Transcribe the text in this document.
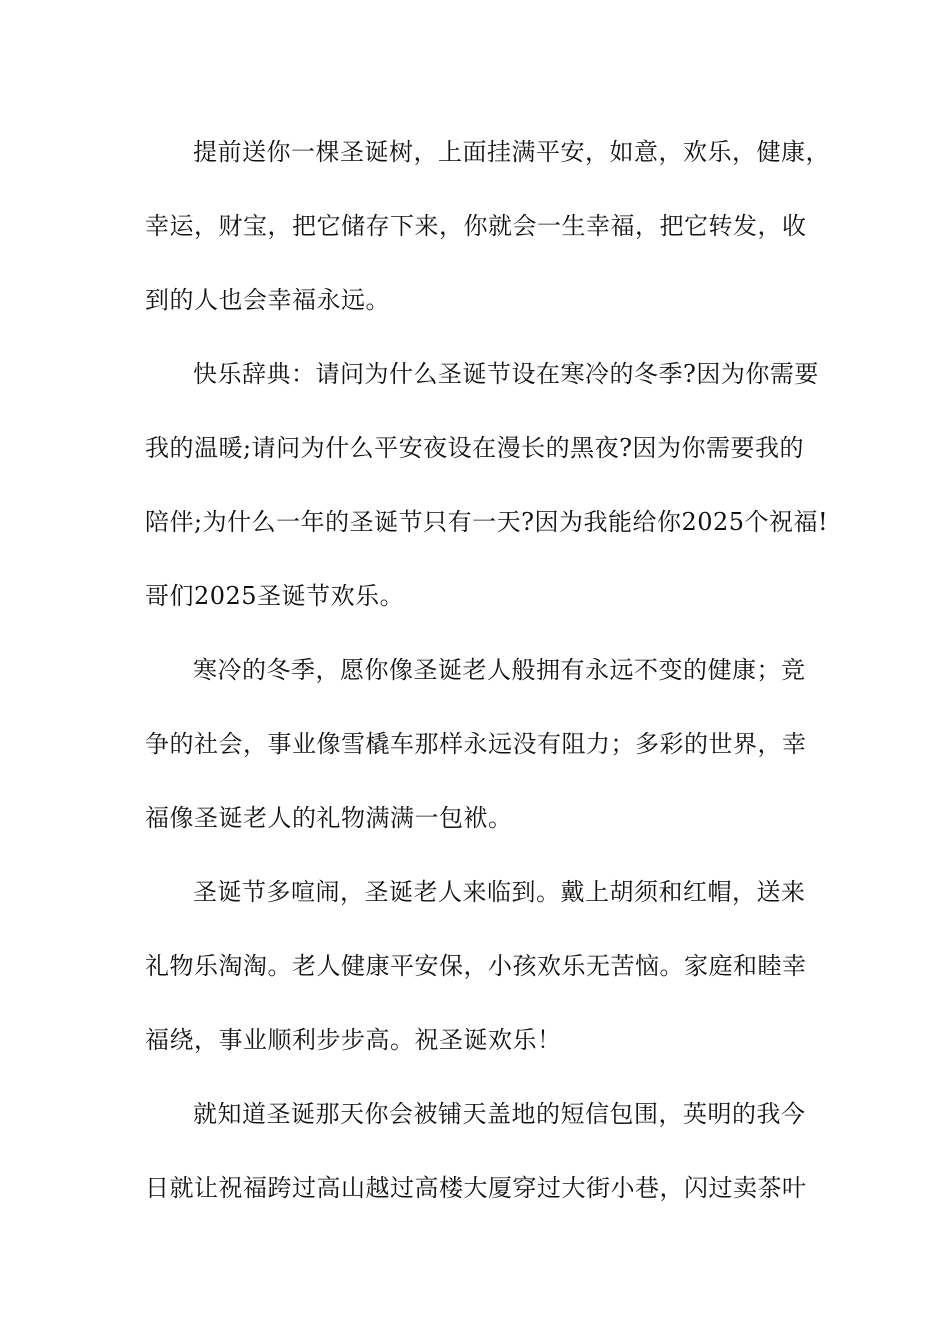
提前送你一棵圣诞树，上面挂满平安，如意，欢乐，健康，
幸运，财宝，把它储存下来，你就会一生幸福，把它转发，收
到的人也会幸福永远。
快乐辞典：请问为什么圣诞节设在寒冷的冬季?因为你需要
我的温暖;请问为什么平安夜设在漫长的黑夜?因为你需要我的
陪伴;为什么一年的圣诞节只有一天?因为我能给你2025个祝福!
哥们2025圣诞节欢乐。
寒冷的冬季，愿你像圣诞老人般拥有永远不变的健康；竞
争的社会，事业像雪橇车那样永远没有阻力；多彩的世界，幸
福像圣诞老人的礼物满满一包袱。
圣诞节多喧闹，圣诞老人来临到。戴上胡须和红帽，送来
礼物乐淘淘。老人健康平安保，小孩欢乐无苦恼。家庭和睦幸
福绕，事业顺利步步高。祝圣诞欢乐！
就知道圣诞那天你会被铺天盖地的短信包围，英明的我今
日就让祝福跨过高山越过高楼大厦穿过大街小巷，闪过卖茶叶
